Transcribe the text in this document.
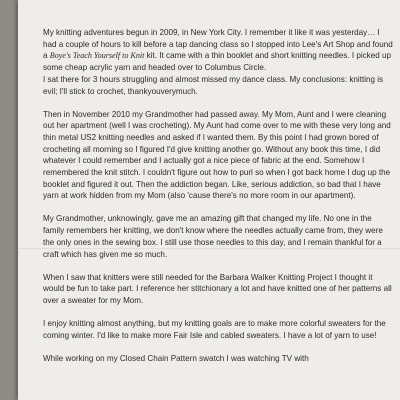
My knitting adventures begun in 2009, in New York City. I remember it like it was yesterday… I had a couple of hours to kill before a tap dancing class so I stopped into Lee's Art Shop and found a Boye's Teach Yourself to Knit kit. It came with a thin booklet and short knitting needles. I picked up some cheap acrylic yarn and headed over to Columbus Circle.
I sat there for 3 hours struggling and almost missed my dance class. My conclusions: knitting is evil; I'll stick to crochet, thankyouverymuch.

Then in November 2010 my Grandmother had passed away. My Mom, Aunt and I were cleaning out her apartment (well I was crocheting). My Aunt had come over to me with these very long and thin metal US2 knitting needles and asked if I wanted them. By this point I had grown bored of crocheting all morning so I figured I'd give knitting another go. Without any book this time, I did whatever I could remember and I actually got a nice piece of fabric at the end. Somehow I remembered the knit stitch. I couldn't figure out how to purl so when I got back home I dug up the booklet and figured it out. Then the addiction began. Like, serious addiction, so bad that I have yarn at work hidden from my Mom (also 'cause there's no more room in our apartment).

My Grandmother, unknowingly, gave me an amazing gift that changed my life. No one in the family remembers her knitting, we don't know where the needles actually came from, they were the only ones in the sewing box. I still use those needles to this day, and I remain thankful for a craft which has given me so much.

When I saw that knitters were still needed for the Barbara Walker Knitting Project I thought it would be fun to take part. I reference her stitchionary a lot and have knitted one of her patterns all over a sweater for my Mom.

I enjoy knitting almost anything, but my knitting goals are to make more colorful sweaters for the coming winter. I'd like to make more Fair Isle and cabled sweaters. I have a lot of yarn to use!

While working on my Closed Chain Pattern swatch I was watching TV with
